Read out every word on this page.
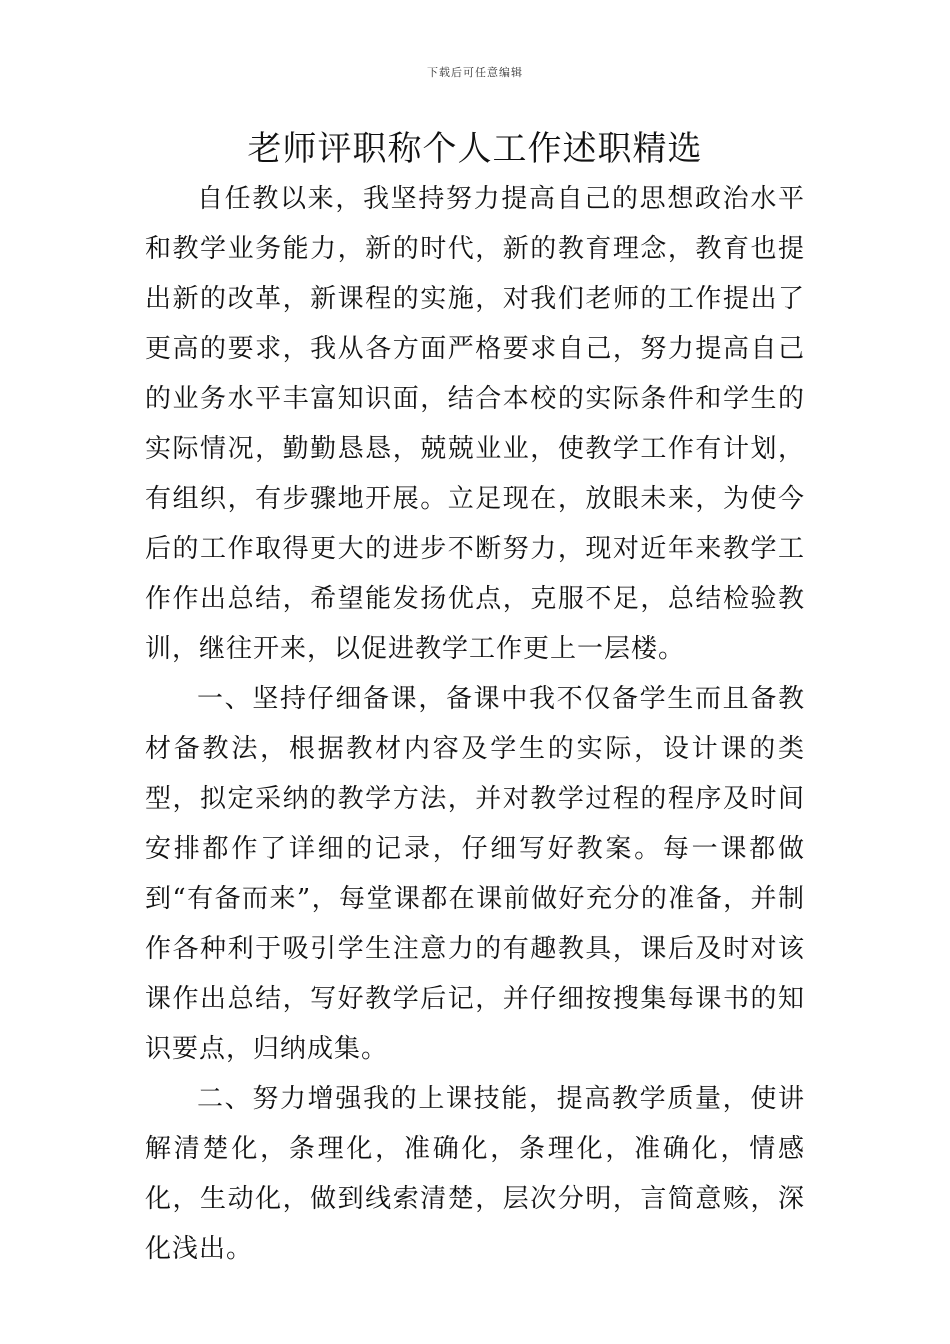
下载后可任意编辑
老师评职称个人工作述职精选

自任教以来，我坚持努力提高自己的思想政治水平和教学业务能力，新的时代，新的教育理念，教育也提出新的改革，新课程的实施，对我们老师的工作提出了更高的要求，我从各方面严格要求自己，努力提高自己的业务水平丰富知识面，结合本校的实际条件和学生的实际情况，勤勤恳恳，兢兢业业，使教学工作有计划，有组织，有步骤地开展。立足现在，放眼未来，为使今后的工作取得更大的进步不断努力，现对近年来教学工作作出总结，希望能发扬优点，克服不足，总结检验教训，继往开来，以促进教学工作更上一层楼。

一、坚持仔细备课，备课中我不仅备学生而且备教材备教法，根据教材内容及学生的实际，设计课的类型，拟定采纳的教学方法，并对教学过程的程序及时间安排都作了详细的记录，仔细写好教案。每一课都做到“有备而来”，每堂课都在课前做好充分的准备，并制作各种利于吸引学生注意力的有趣教具，课后及时对该课作出总结，写好教学后记，并仔细按搜集每课书的知识要点，归纳成集。

二、努力增强我的上课技能，提高教学质量，使讲解清楚化，条理化，准确化，条理化，准确化，情感化，生动化，做到线索清楚，层次分明，言简意赅，深化浅出。
